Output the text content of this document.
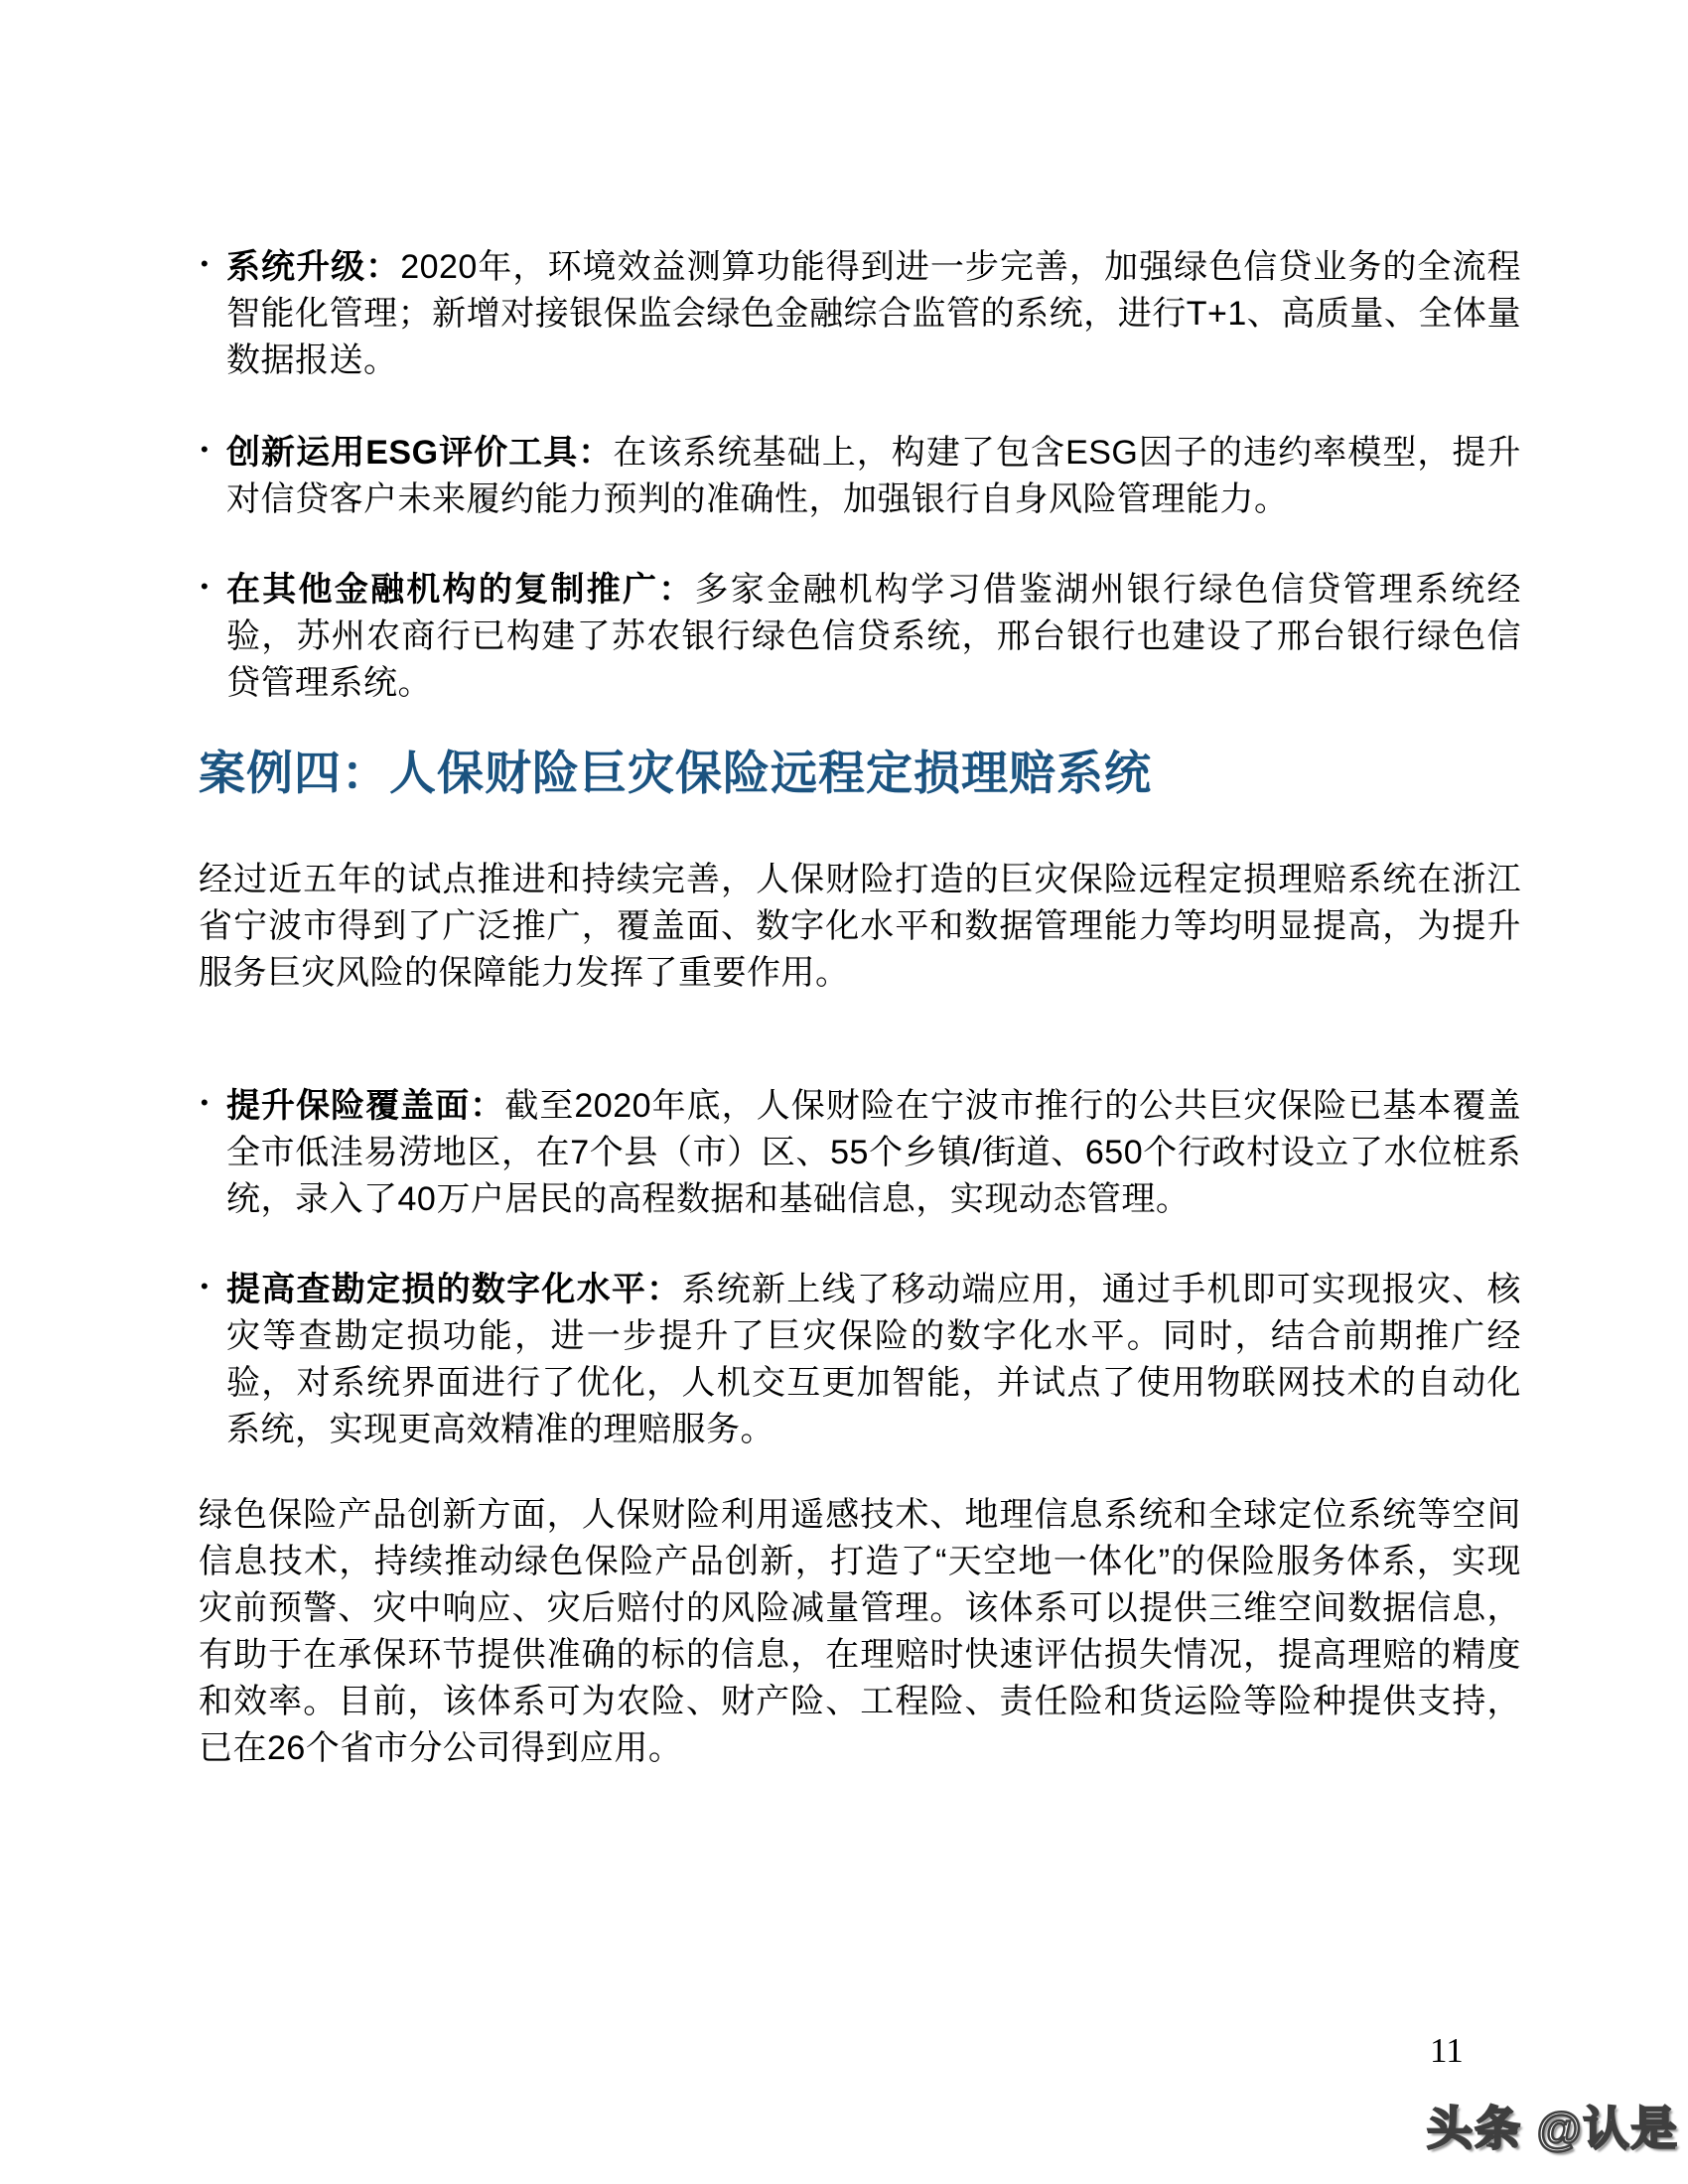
• 系统升级：2020年，环境效益测算功能得到进一步完善，加强绿色信贷业务的全流程智能化管理；新增对接银保监会绿色金融综合监管的系统，进行T+1、高质量、全体量数据报送。
• 创新运用ESG评价工具：在该系统基础上，构建了包含ESG因子的违约率模型，提升对信贷客户未来履约能力预判的准确性，加强银行自身风险管理能力。
• 在其他金融机构的复制推广：多家金融机构学习借鉴湖州银行绿色信贷管理系统经验，苏州农商行已构建了苏农银行绿色信贷系统，邢台银行也建设了邢台银行绿色信贷管理系统。
案例四：人保财险巨灾保险远程定损理赔系统
经过近五年的试点推进和持续完善，人保财险打造的巨灾保险远程定损理赔系统在浙江省宁波市得到了广泛推广，覆盖面、数字化水平和数据管理能力等均明显提高，为提升服务巨灾风险的保障能力发挥了重要作用。
• 提升保险覆盖面：截至2020年底，人保财险在宁波市推行的公共巨灾保险已基本覆盖全市低洼易涝地区，在7个县（市）区、55个乡镇/街道、650个行政村设立了水位桩系统，录入了40万户居民的高程数据和基础信息，实现动态管理。
• 提高查勘定损的数字化水平：系统新上线了移动端应用，通过手机即可实现报灾、核灾等查勘定损功能，进一步提升了巨灾保险的数字化水平。同时，结合前期推广经验，对系统界面进行了优化，人机交互更加智能，并试点了使用物联网技术的自动化系统，实现更高效精准的理赔服务。
绿色保险产品创新方面，人保财险利用遥感技术、地理信息系统和全球定位系统等空间信息技术，持续推动绿色保险产品创新，打造了“天空地一体化”的保险服务体系，实现灾前预警、灾中响应、灾后赔付的风险减量管理。该体系可以提供三维空间数据信息，有助于在承保环节提供准确的标的信息，在理赔时快速评估损失情况，提高理赔的精度和效率。目前，该体系可为农险、财产险、工程险、责任险和货运险等险种提供支持，已在26个省市分公司得到应用。
11
头条 @认是
